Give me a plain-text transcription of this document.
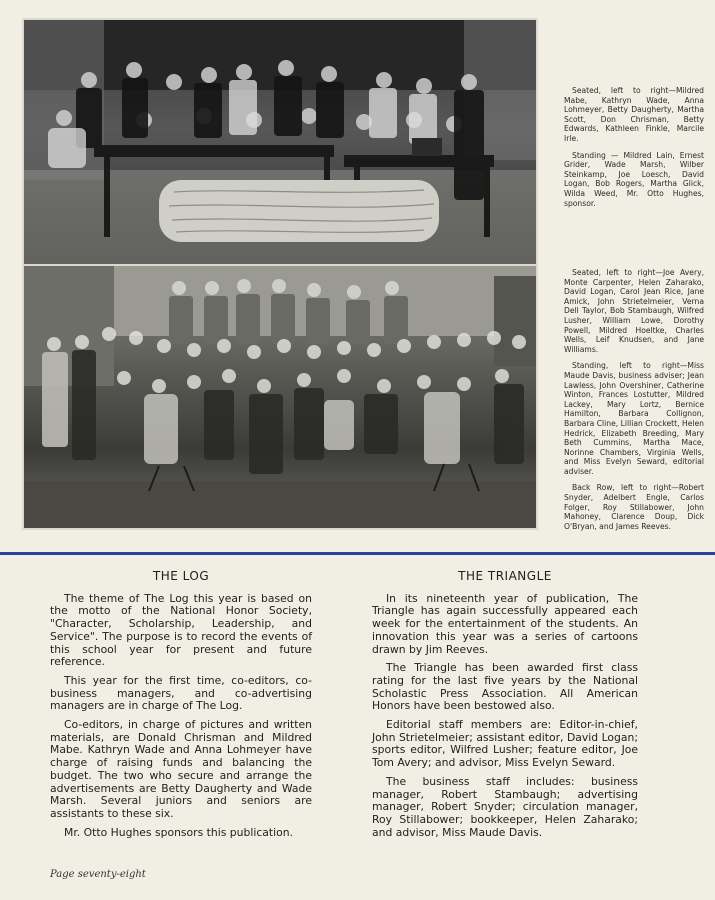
Seated, left to right—Mildred Mabe, Kathryn Wade, Anna Lohmeyer, Betty Daugherty, Martha Scott, Don Chrisman, Betty Edwards, Kathleen Finkle, Marcile Irle.

Standing — Mildred Lain, Ernest Grider, Wade Marsh, Wilber Steinkamp, Joe Loesch, David Logan, Bob Rogers, Martha Glick, Wilda Weed, Mr. Otto Hughes, sponsor.

Seated, left to right—Joe Avery, Monte Carpenter, Helen Zaharako, David Logan, Carol Jean Rice, Jane Amick, John Strietelmeier, Verna Dell Taylor, Bob Stambaugh, Wilfred Lusher, William Lowe, Dorothy Powell, Mildred Hoeltke, Charles Wells, Leif Knudsen, and Jane Williams.

Standing, left to right—Miss Maude Davis, business adviser; Jean Lawless, John Overshiner, Catherine Winton, Frances Lostutter, Mildred Lackey, Mary Lortz, Bernice Hamilton, Barbara Collignon, Barbara Cline, Lillian Crockett, Helen Hedrick, Elizabeth Breeding, Mary Beth Cummins, Martha Mace, Norinne Chambers, Virginia Wells, and Miss Evelyn Seward, editorial adviser.

Back Row, left to right—Robert Snyder, Adelbert Engle, Carlos Folger, Roy Stillabower, John Mahoney, Clarence Doup, Dick O'Bryan, and James Reeves.

THE LOG

The theme of The Log this year is based on the motto of the National Honor Society, "Character, Scholarship, Leadership, and Service". The purpose is to record the events of this school year for present and future reference.

This year for the first time, co-editors, co-business managers, and co-advertising managers are in charge of The Log.

Co-editors, in charge of pictures and written materials, are Donald Chrisman and Mildred Mabe. Kathryn Wade and Anna Lohmeyer have charge of raising funds and balancing the budget. The two who secure and arrange the advertisements are Betty Daugherty and Wade Marsh. Several juniors and seniors are assistants to these six.

Mr. Otto Hughes sponsors this publication.

THE TRIANGLE

In its nineteenth year of publication, The Triangle has again successfully appeared each week for the entertainment of the students. An innovation this year was a series of cartoons drawn by Jim Reeves.

The Triangle has been awarded first class rating for the last five years by the National Scholastic Press Association. All American Honors have been bestowed also.

Editorial staff members are: Editor-in-chief, John Strietelmeier; assistant editor, David Logan; sports editor, Wilfred Lusher; feature editor, Joe Tom Avery; and advisor, Miss Evelyn Seward.

The business staff includes: business manager, Robert Stambaugh; advertising manager, Robert Snyder; circulation manager, Roy Stillabower; bookkeeper, Helen Zaharako; and advisor, Miss Maude Davis.

Page seventy-eight
